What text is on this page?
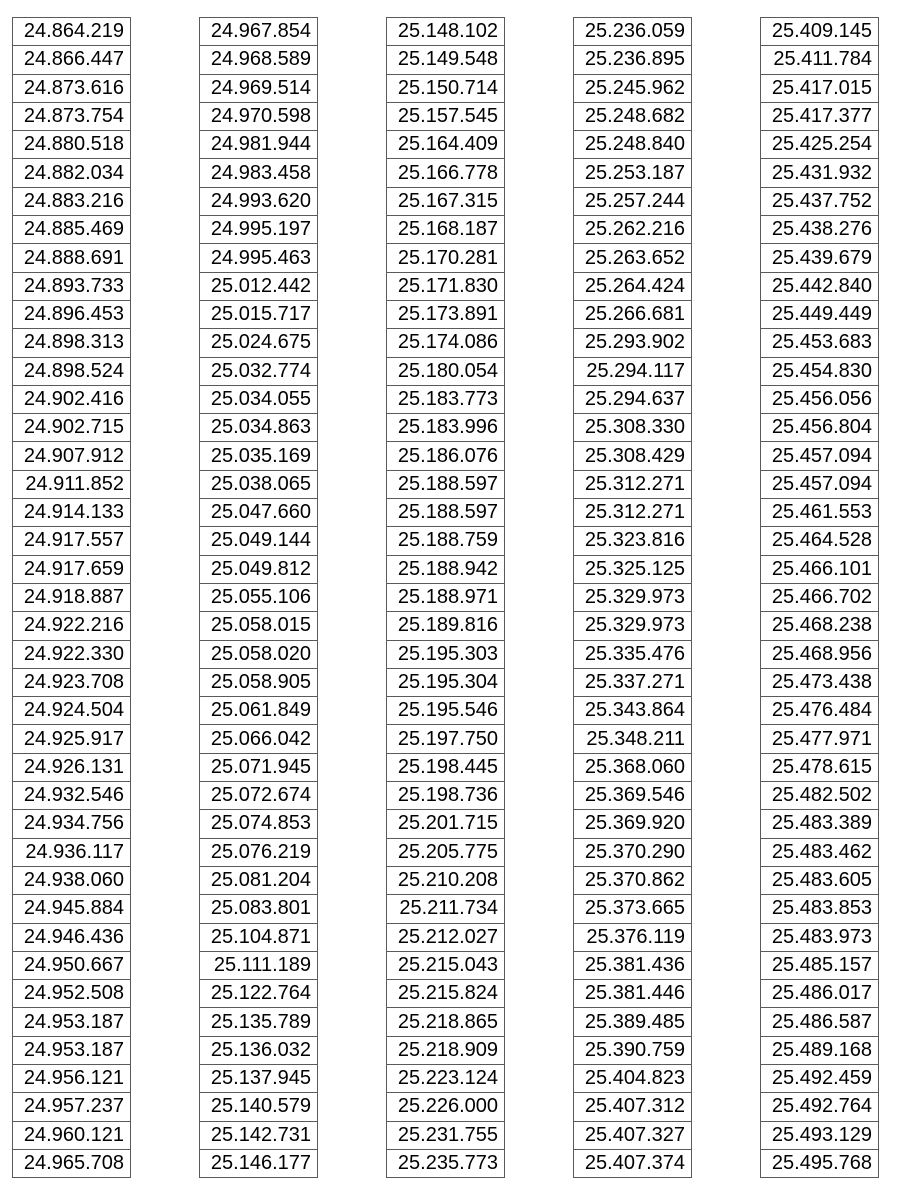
24.864.219
24.866.447
24.873.616
24.873.754
24.880.518
24.882.034
24.883.216
24.885.469
24.888.691
24.893.733
24.896.453
24.898.313
24.898.524
24.902.416
24.902.715
24.907.912
24.911.852
24.914.133
24.917.557
24.917.659
24.918.887
24.922.216
24.922.330
24.923.708
24.924.504
24.925.917
24.926.131
24.932.546
24.934.756
24.936.117
24.938.060
24.945.884
24.946.436
24.950.667
24.952.508
24.953.187
24.953.187
24.956.121
24.957.237
24.960.121
24.965.708
24.967.854
24.968.589
24.969.514
24.970.598
24.981.944
24.983.458
24.993.620
24.995.197
24.995.463
25.012.442
25.015.717
25.024.675
25.032.774
25.034.055
25.034.863
25.035.169
25.038.065
25.047.660
25.049.144
25.049.812
25.055.106
25.058.015
25.058.020
25.058.905
25.061.849
25.066.042
25.071.945
25.072.674
25.074.853
25.076.219
25.081.204
25.083.801
25.104.871
25.111.189
25.122.764
25.135.789
25.136.032
25.137.945
25.140.579
25.142.731
25.146.177
25.148.102
25.149.548
25.150.714
25.157.545
25.164.409
25.166.778
25.167.315
25.168.187
25.170.281
25.171.830
25.173.891
25.174.086
25.180.054
25.183.773
25.183.996
25.186.076
25.188.597
25.188.597
25.188.759
25.188.942
25.188.971
25.189.816
25.195.303
25.195.304
25.195.546
25.197.750
25.198.445
25.198.736
25.201.715
25.205.775
25.210.208
25.211.734
25.212.027
25.215.043
25.215.824
25.218.865
25.218.909
25.223.124
25.226.000
25.231.755
25.235.773
25.236.059
25.236.895
25.245.962
25.248.682
25.248.840
25.253.187
25.257.244
25.262.216
25.263.652
25.264.424
25.266.681
25.293.902
25.294.117
25.294.637
25.308.330
25.308.429
25.312.271
25.312.271
25.323.816
25.325.125
25.329.973
25.329.973
25.335.476
25.337.271
25.343.864
25.348.211
25.368.060
25.369.546
25.369.920
25.370.290
25.370.862
25.373.665
25.376.119
25.381.436
25.381.446
25.389.485
25.390.759
25.404.823
25.407.312
25.407.327
25.407.374
25.409.145
25.411.784
25.417.015
25.417.377
25.425.254
25.431.932
25.437.752
25.438.276
25.439.679
25.442.840
25.449.449
25.453.683
25.454.830
25.456.056
25.456.804
25.457.094
25.457.094
25.461.553
25.464.528
25.466.101
25.466.702
25.468.238
25.468.956
25.473.438
25.476.484
25.477.971
25.478.615
25.482.502
25.483.389
25.483.462
25.483.605
25.483.853
25.483.973
25.485.157
25.486.017
25.486.587
25.489.168
25.492.459
25.492.764
25.493.129
25.495.768
